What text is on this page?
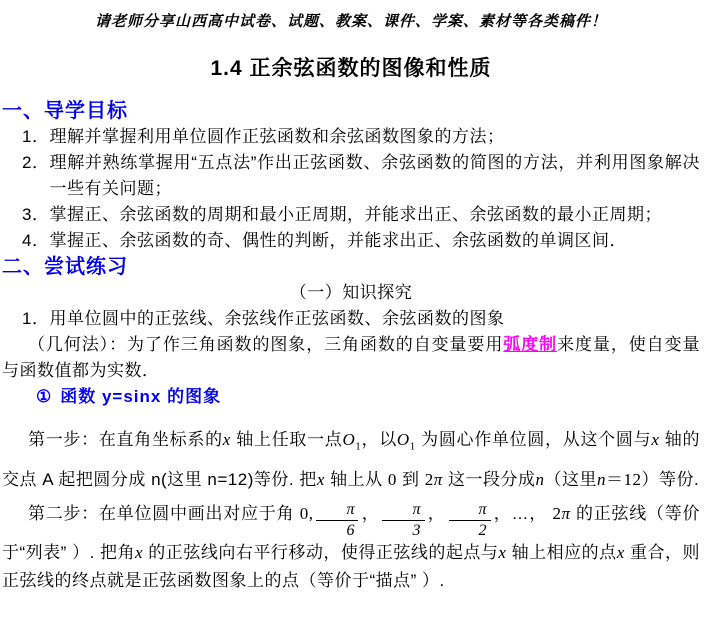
请老师分享山西高中试卷、试题、教案、课件、学案、素材等各类稿件！
1.4 正余弦函数的图像和性质
一、导学目标
1． 理解并掌握利用单位圆作正弦函数和余弦函数图象的方法；
2． 理解并熟练掌握用“五点法”作出正弦函数、余弦函数的简图的方法，并利用图象解决一些有关问题；
3． 掌握正、余弦函数的周期和最小正周期，并能求出正、余弦函数的最小正周期；
4． 掌握正、余弦函数的奇、偶性的判断，并能求出正、余弦函数的单调区间．
二、尝试练习
（一）知识探究
1．用单位圆中的正弦线、余弦线作正弦函数、余弦函数的图象

（几何法）：为了作三角函数的图象，三角函数的自变量要用弧度制来度量，使自变量与函数值都为实数．

① 函数 y=sinx 的图象

第一步：在直角坐标系的x 轴上任取一点$O_1$，以$O_1$ 为圆心作单位圆，从这个圆与x 轴的交点 A 起把圆分成 n(这里 n=12)等份. 把x 轴上从 0 到 2π 这一段分成n（这里n＝12）等份.

第二步：在单位圆中画出对应于角 0, $\frac{\pi}{6}$ ， $\frac{\pi}{3}$ ， $\frac{\pi}{2}$ ，…， 2π 的正弦线（等价于“列表” ）. 把角x 的正弦线向右平行移动，使得正弦线的起点与x 轴上相应的点x 重合，则正弦线的终点就是正弦函数图象上的点（等价于“描点” ）.
